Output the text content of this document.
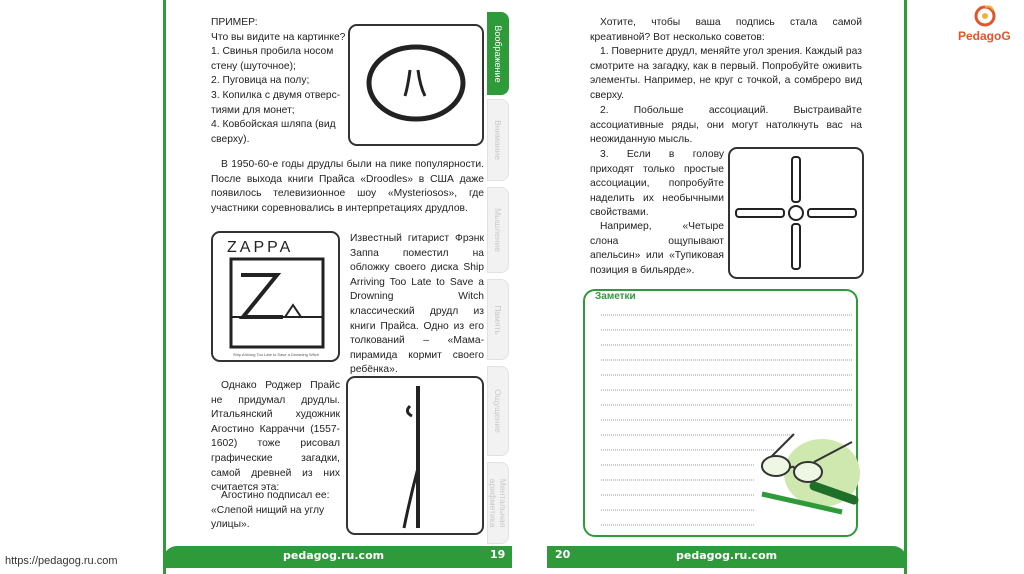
ПРИМЕР:
Что вы видите на картинке?
1. Свинья пробила носом
стену (шуточное);
2. Пуговица на полу;
3. Копилка с двумя отверс-
тиями для монет;
4. Ковбойская шляпа (вид
сверху).
В 1950-60-е годы друдлы были на пике популярности. После выхода книги Прайса «Droodles» в США даже появилось телевизионное шоу «Mysteriosos», где участники соревновались в интерпретациях друдлов.
ZAPPA
Ship Arriving Too Late to Save a Drowning Witch
Известный гитарист Фрэнк Заппа поместил на обложку своего диска Ship Arriving Too Late to Save a Drowning Witch классический друдл из книги Прайса. Одно из его толкований – «Мама-пирамида кормит своего ребёнка».
Однако Роджер Прайс не придумал друдлы. Итальянский художник Агостино Карраччи (1557-1602) тоже рисовал графические загадки, самой древней из них считается эта:
Агостино подписал ее: «Слепой нищий на углу улицы».
Воображение
Внимание
Мышление
Память
Ощущение
Ментальная арифметика
pedagog.ru.com	19
Хотите, чтобы ваша подпись стала самой креативной? Вот несколько советов:
1. Поверните друдл, меняйте угол зрения. Каждый раз смотрите на загадку, как в первый. Попробуйте оживить элементы. Например, не круг с точкой, а сомбреро вид сверху.
2. Побольше ассоциаций. Выстраивайте ассоциативные ряды, они могут натолкнуть вас на неожиданную мысль.
3. Если в голову приходят только простые ассоциации, попробуйте наделить их необычными свойствами.
Например, «Четыре слона ощупывают апельсин» или «Тупиковая позиция в бильярде».
Заметки
pedagog.ru.com
20
PedagoG
https://pedagog.ru.com
